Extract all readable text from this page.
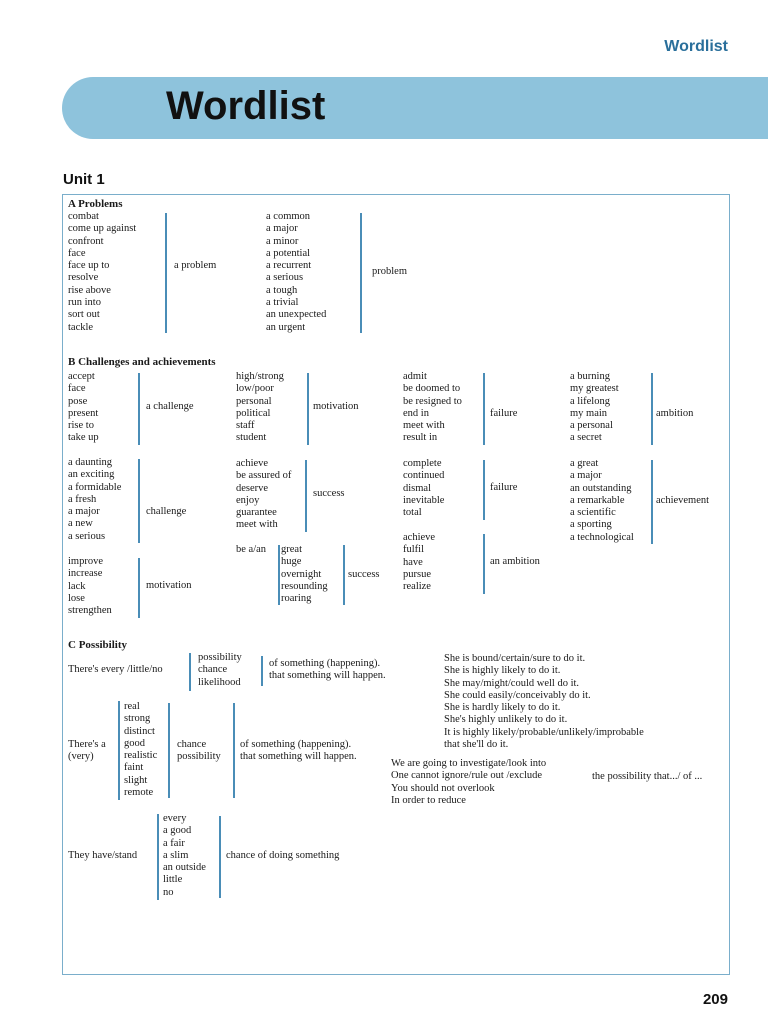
Wordlist
Wordlist
Unit 1
A Problems
combat
come up against
confront
face
face up to
resolve
rise above
run into
sort out
tackle
a problem
a common
a major
a minor
a potential
a recurrent
a serious
a tough
a trivial
an unexpected
an urgent
problem
B Challenges and achievements
accept
face
pose
present
rise to
take up
a challenge
a daunting
an exciting
a formidable
a fresh
a major
a new
a serious
challenge
improve
increase
lack
lose
strengthen
motivation
high/strong
low/poor
personal
political
staff
student
motivation
achieve
be assured of
deserve
enjoy
guarantee
meet with
success
be a/an great
huge
overnight
resounding
roaring
success
admit
be doomed to
be resigned to
end in
meet with
result in
failure
complete
continued
dismal
inevitable
total
failure
achieve
fulfil
have
pursue
realize
an ambition
a burning
my greatest
a lifelong
my main
a personal
a secret
ambition
a great
a major
an outstanding
a remarkable
a scientific
a sporting
a technological
achievement
C Possibility
There's every /little/no
possibility
chance
likelihood
of something (happening).
that something will happen.
There's a
(very)
real
strong
distinct
good
realistic
faint
slight
remote
chance
possibility
of something (happening).
that something will happen.
They have/stand
every
a good
a fair
a slim
an outside
little
no
chance of doing something
She is bound/certain/sure to do it.
She is highly likely to do it.
She may/might/could well do it.
She could easily/conceivably do it.
She is hardly likely to do it.
She's highly unlikely to do it.
It is highly likely/probable/unlikely/improbable
that she'll do it.
We are going to investigate/look into
One cannot ignore/rule out /exclude
You should not overlook
In order to reduce
the possibility that.../ of ...
209
